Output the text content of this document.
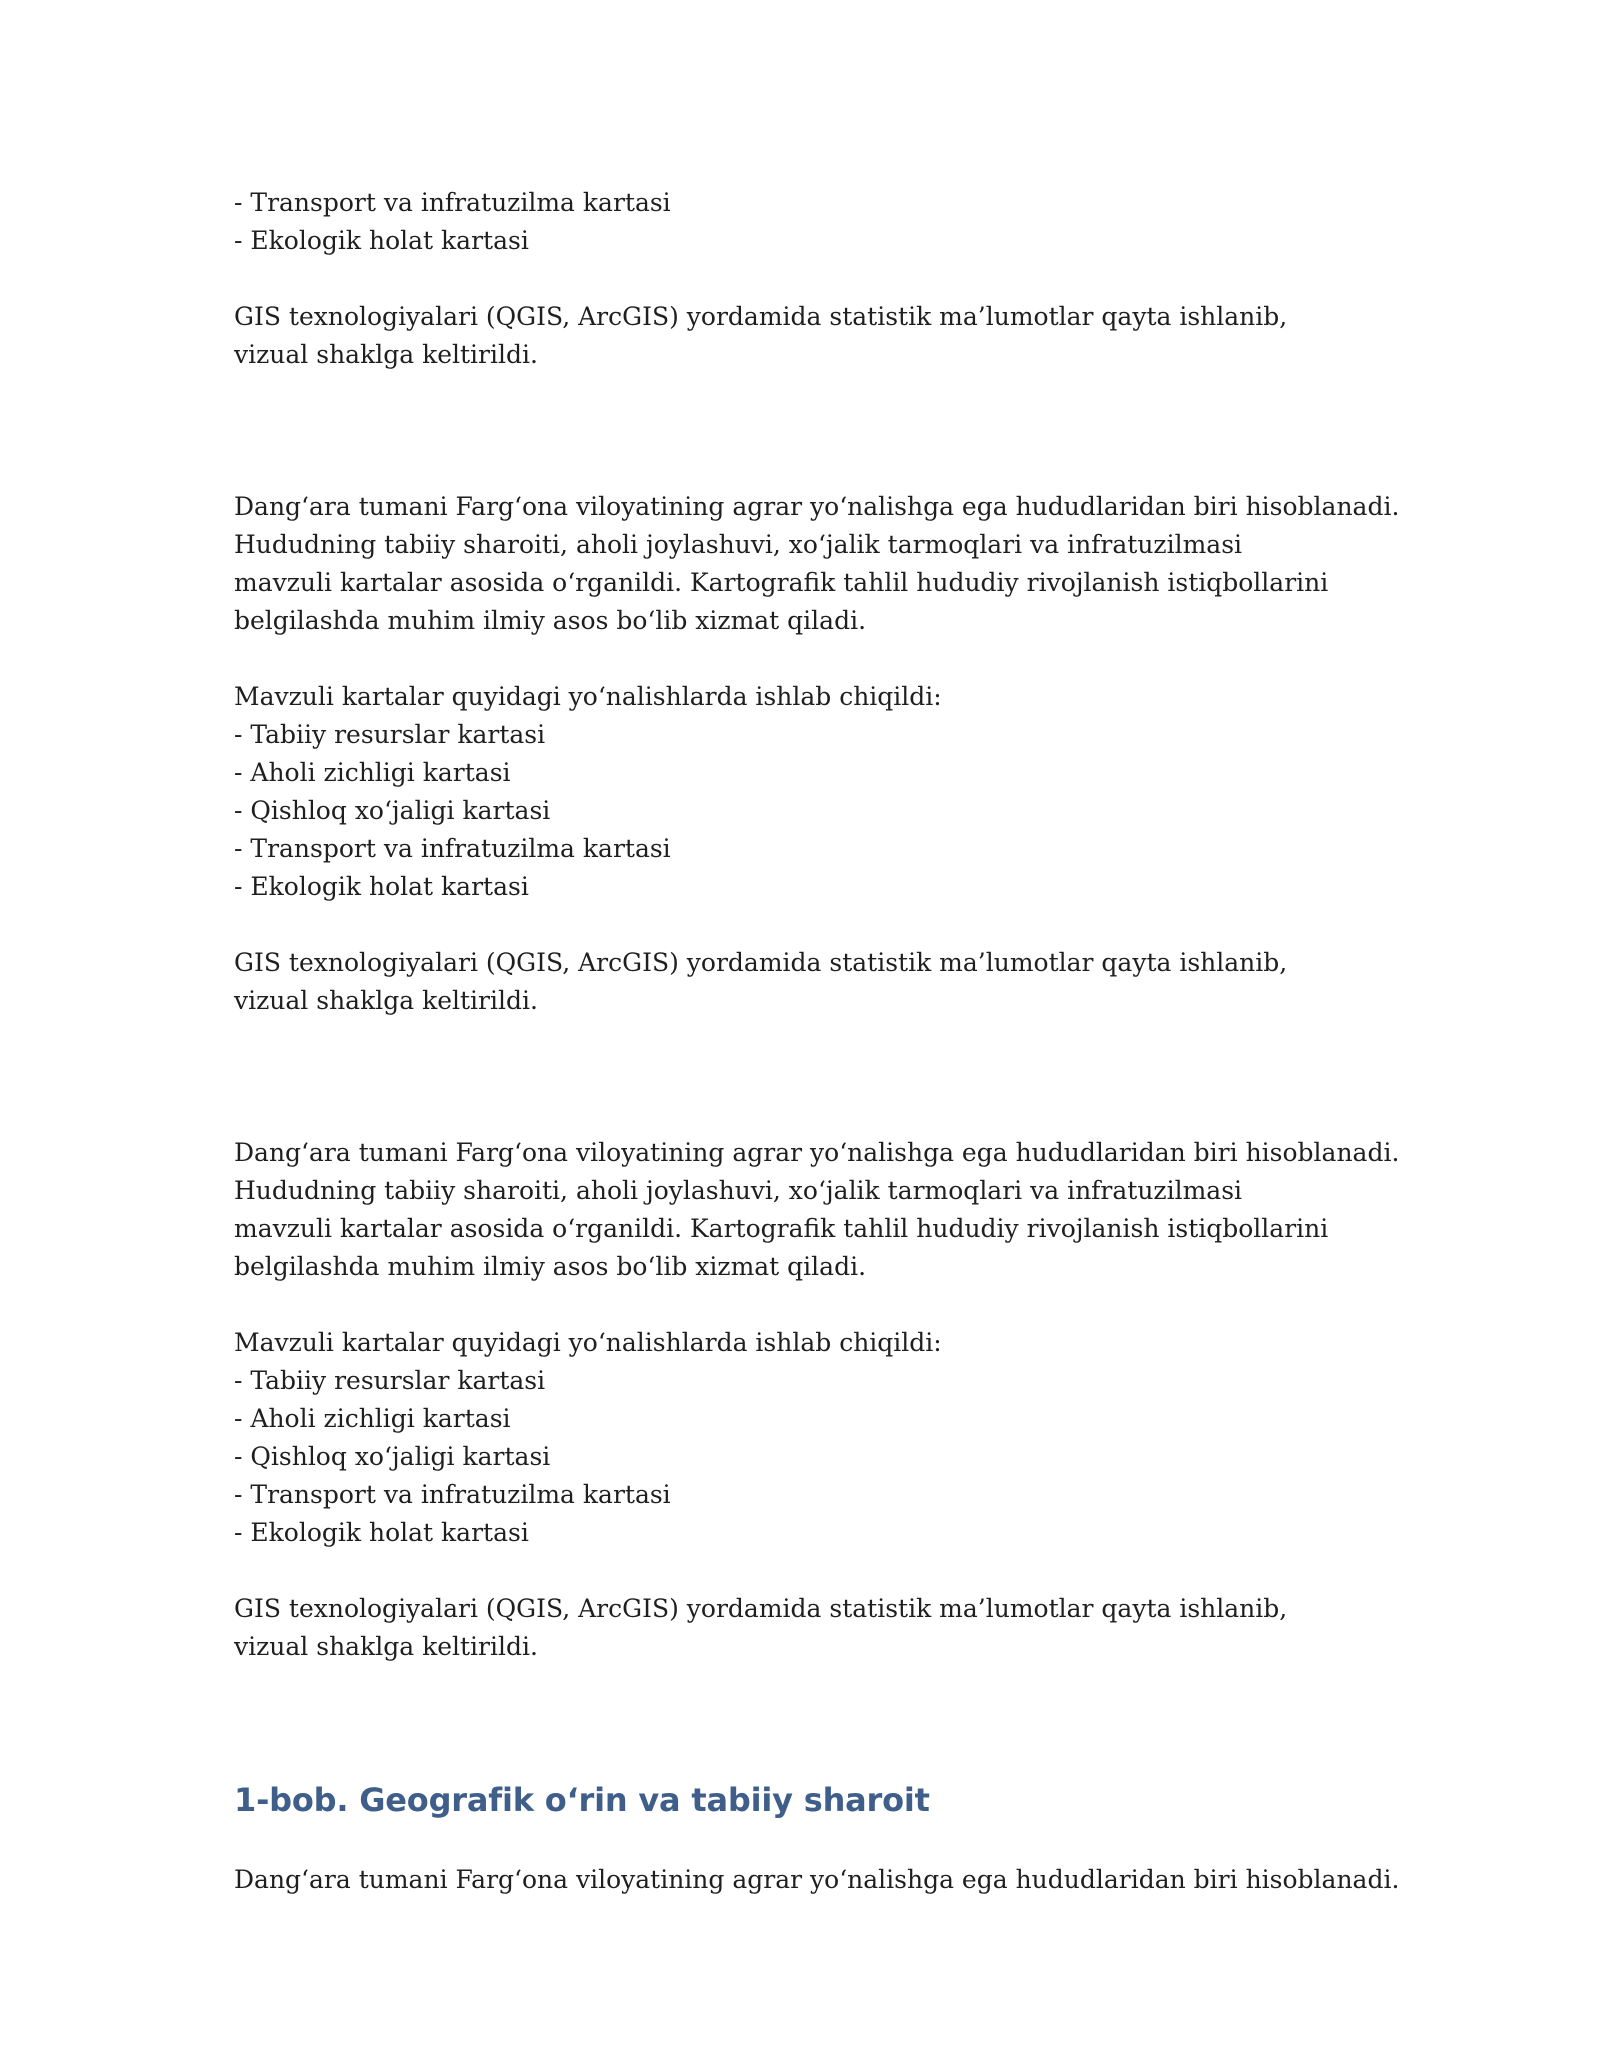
- Transport va infratuzilma kartasi
- Ekologik holat kartasi
GIS texnologiyalari (QGIS, ArcGIS) yordamida statistik ma’lumotlar qayta ishlanib,
vizual shaklga keltirildi.
Dang‘ara tumani Farg‘ona viloyatining agrar yo‘nalishga ega hududlaridan biri hisoblanadi.
Hududning tabiiy sharoiti, aholi joylashuvi, xo‘jalik tarmoqlari va infratuzilmasi
mavzuli kartalar asosida o‘rganildi. Kartografik tahlil hududiy rivojlanish istiqbollarini
belgilashda muhim ilmiy asos bo‘lib xizmat qiladi.
Mavzuli kartalar quyidagi yo‘nalishlarda ishlab chiqildi:
- Tabiiy resurslar kartasi
- Aholi zichligi kartasi
- Qishloq xo‘jaligi kartasi
- Transport va infratuzilma kartasi
- Ekologik holat kartasi
GIS texnologiyalari (QGIS, ArcGIS) yordamida statistik ma’lumotlar qayta ishlanib,
vizual shaklga keltirildi.
Dang‘ara tumani Farg‘ona viloyatining agrar yo‘nalishga ega hududlaridan biri hisoblanadi.
Hududning tabiiy sharoiti, aholi joylashuvi, xo‘jalik tarmoqlari va infratuzilmasi
mavzuli kartalar asosida o‘rganildi. Kartografik tahlil hududiy rivojlanish istiqbollarini
belgilashda muhim ilmiy asos bo‘lib xizmat qiladi.
Mavzuli kartalar quyidagi yo‘nalishlarda ishlab chiqildi:
- Tabiiy resurslar kartasi
- Aholi zichligi kartasi
- Qishloq xo‘jaligi kartasi
- Transport va infratuzilma kartasi
- Ekologik holat kartasi
GIS texnologiyalari (QGIS, ArcGIS) yordamida statistik ma’lumotlar qayta ishlanib,
vizual shaklga keltirildi.
1-bob. Geografik o‘rin va tabiiy sharoit
Dang‘ara tumani Farg‘ona viloyatining agrar yo‘nalishga ega hududlaridan biri hisoblanadi.
